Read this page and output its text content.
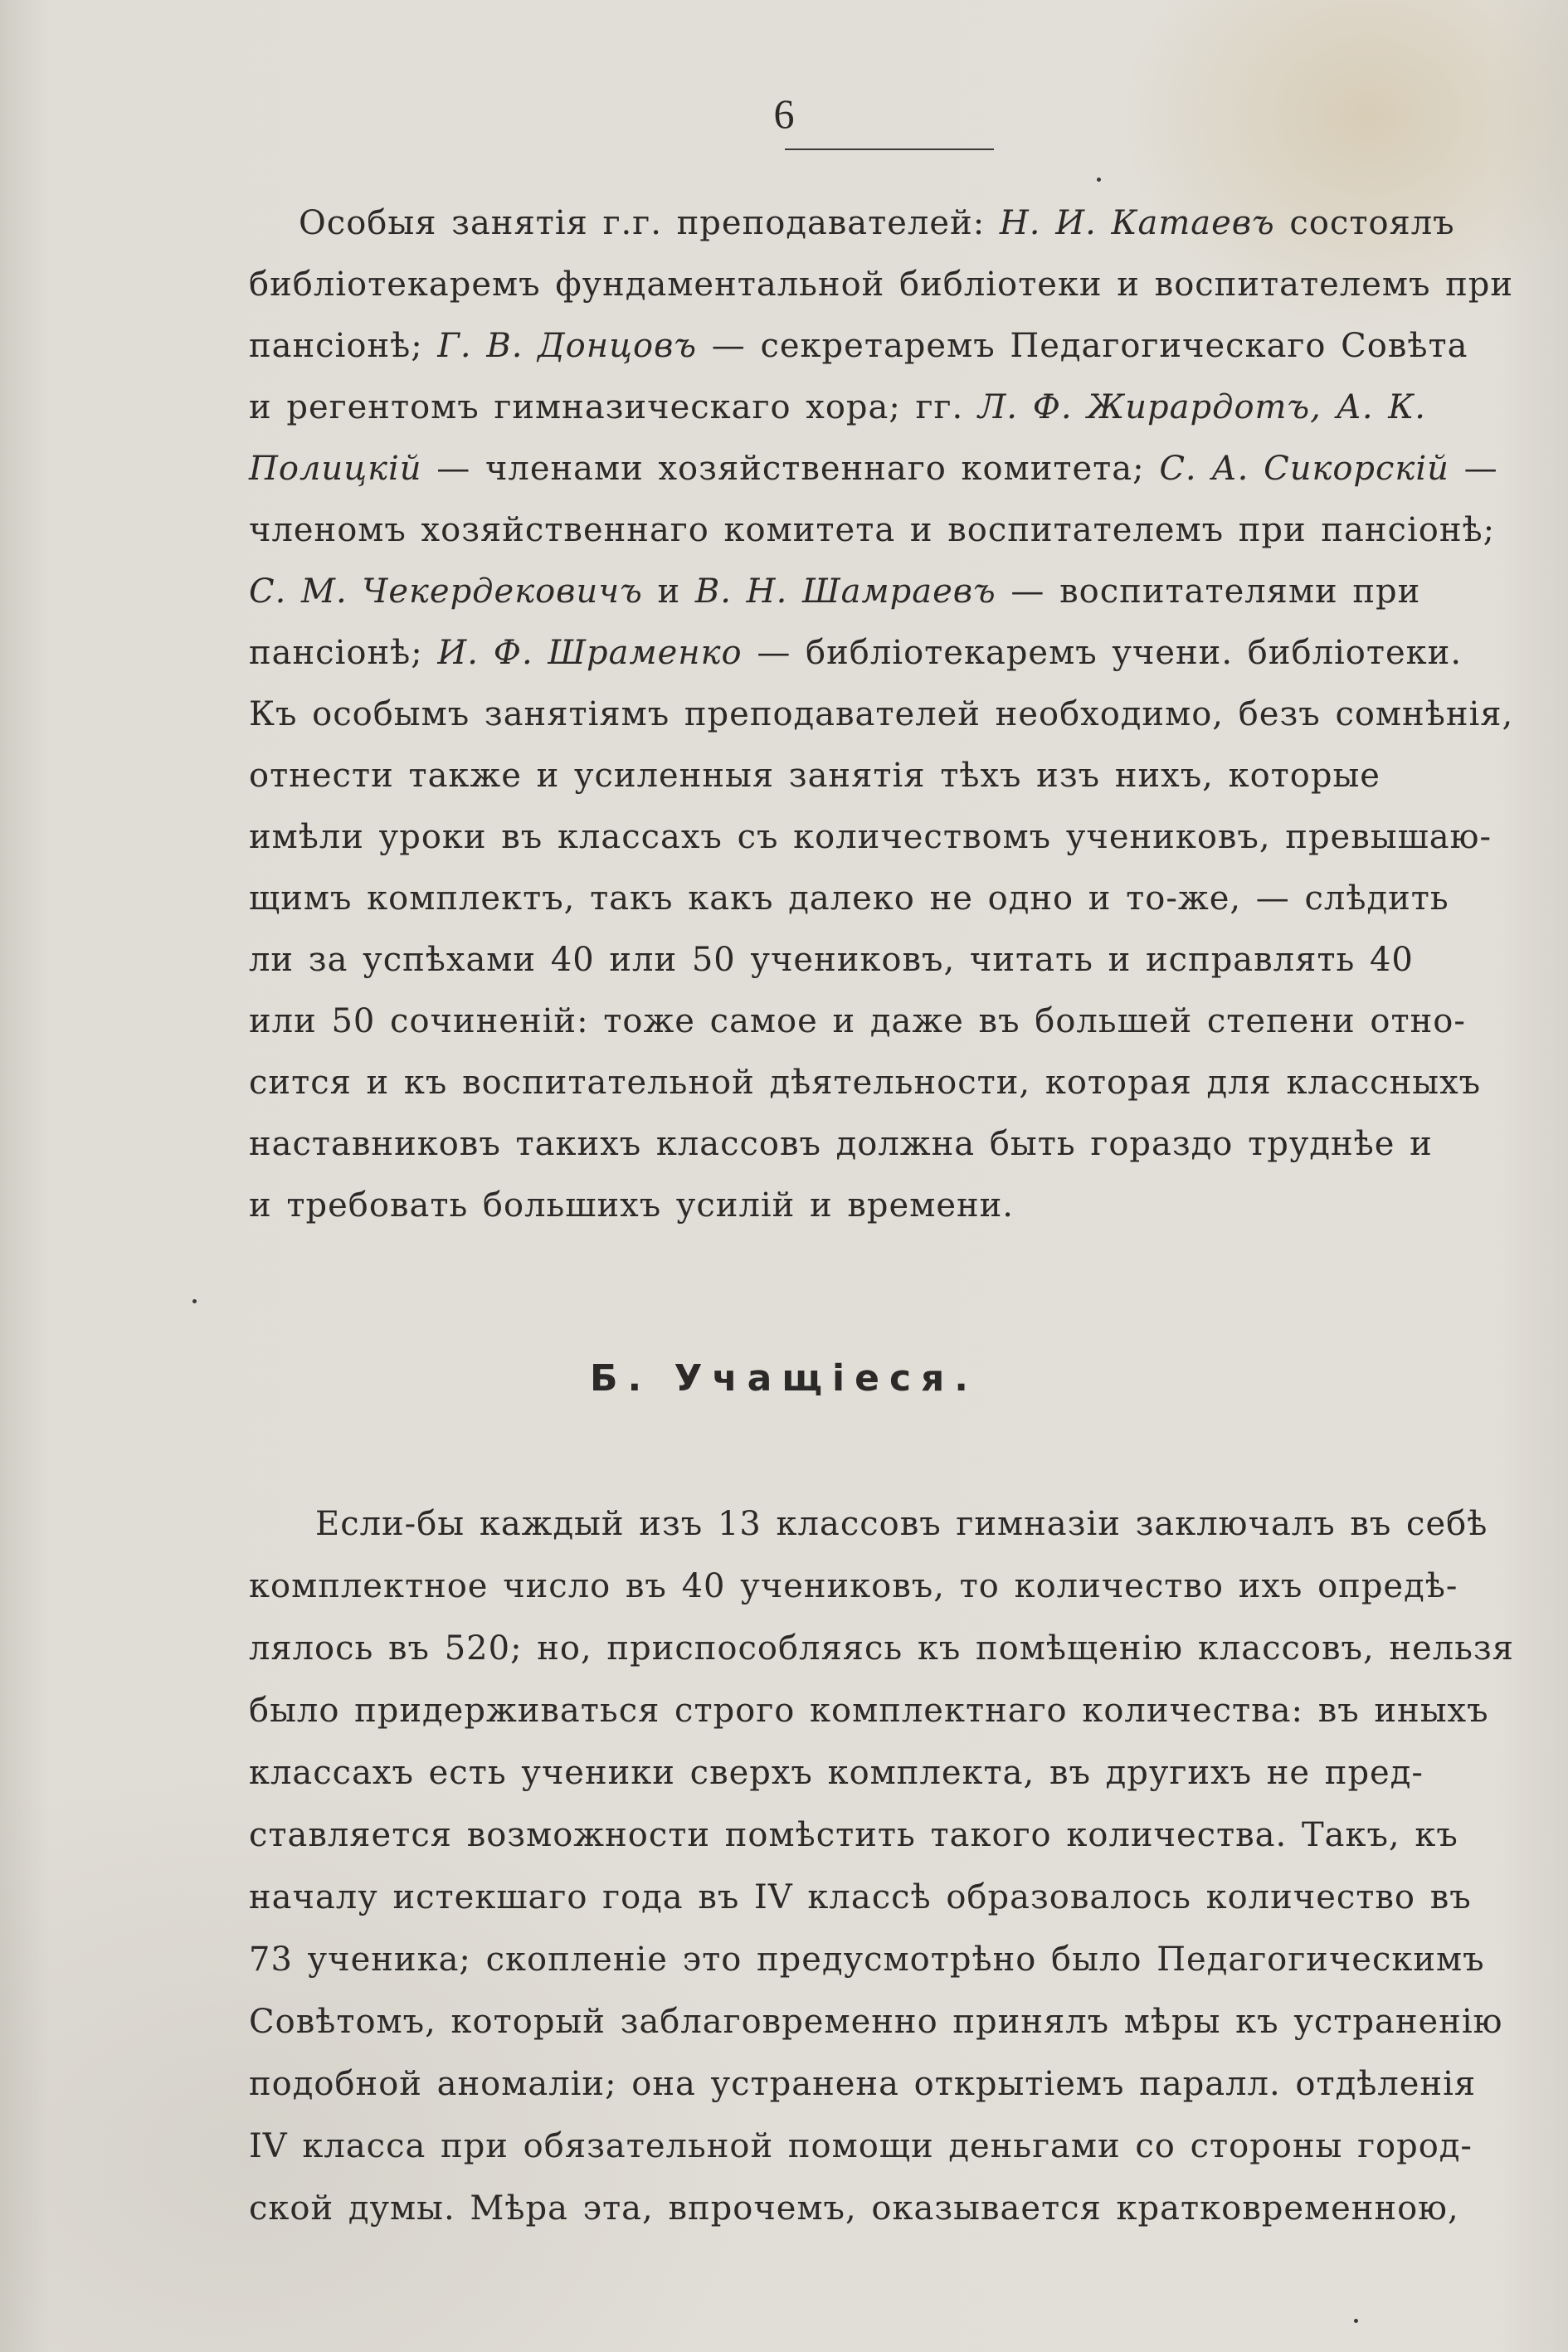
6
Особыя занятія г.г. преподавателей: Н. И. Катаевъ состоялъ
библіотекаремъ фундаментальной библіотеки и воспитателемъ при
пансіонѣ; Г. В. Донцовъ — секретаремъ Педагогическаго Совѣта
и регентомъ гимназическаго хора; гг. Л. Ф. Жирардотъ, А. К.
Полицкій — членами хозяйственнаго комитета; С. А. Сикорскій —
членомъ хозяйственнаго комитета и воспитателемъ при пансіонѣ;
С. М. Чекердековичъ и В. Н. Шамраевъ — воспитателями при
пансіонѣ; И. Ф. Шраменко — библіотекаремъ учени. библіотеки.
Къ особымъ занятіямъ преподавателей необходимо, безъ сомнѣнія,
отнести также и усиленныя занятія тѣхъ изъ нихъ, которые
имѣли уроки въ классахъ съ количествомъ учениковъ, превышаю-
щимъ комплектъ, такъ какъ далеко не одно и то-же, — слѣдить
ли за успѣхами 40 или 50 учениковъ, читать и исправлять 40
или 50 сочиненій: тоже самое и даже въ большей степени отно-
сится и къ воспитательной дѣятельности, которая для классныхъ
наставниковъ такихъ классовъ должна быть гораздо труднѣе и
и требовать большихъ усилій и времени.
Б. Учащіеся.
Если-бы каждый изъ 13 классовъ гимназіи заключалъ въ себѣ
комплектное число въ 40 учениковъ, то количество ихъ опредѣ-
лялось въ 520; но, приспособляясь къ помѣщенію классовъ, нельзя
было придерживаться строго комплектнаго количества: въ иныхъ
классахъ есть ученики сверхъ комплекта, въ другихъ не пред-
ставляется возможности помѣстить такого количества. Такъ, къ
началу истекшаго года въ IV классѣ образовалось количество въ
73 ученика; скопленіе это предусмотрѣно было Педагогическимъ
Совѣтомъ, который заблаговременно принялъ мѣры къ устраненію
подобной аномаліи; она устранена открытіемъ паралл. отдѣленія
IV класса при обязательной помощи деньгами со стороны город-
ской думы. Мѣра эта, впрочемъ, оказывается кратковременною,
